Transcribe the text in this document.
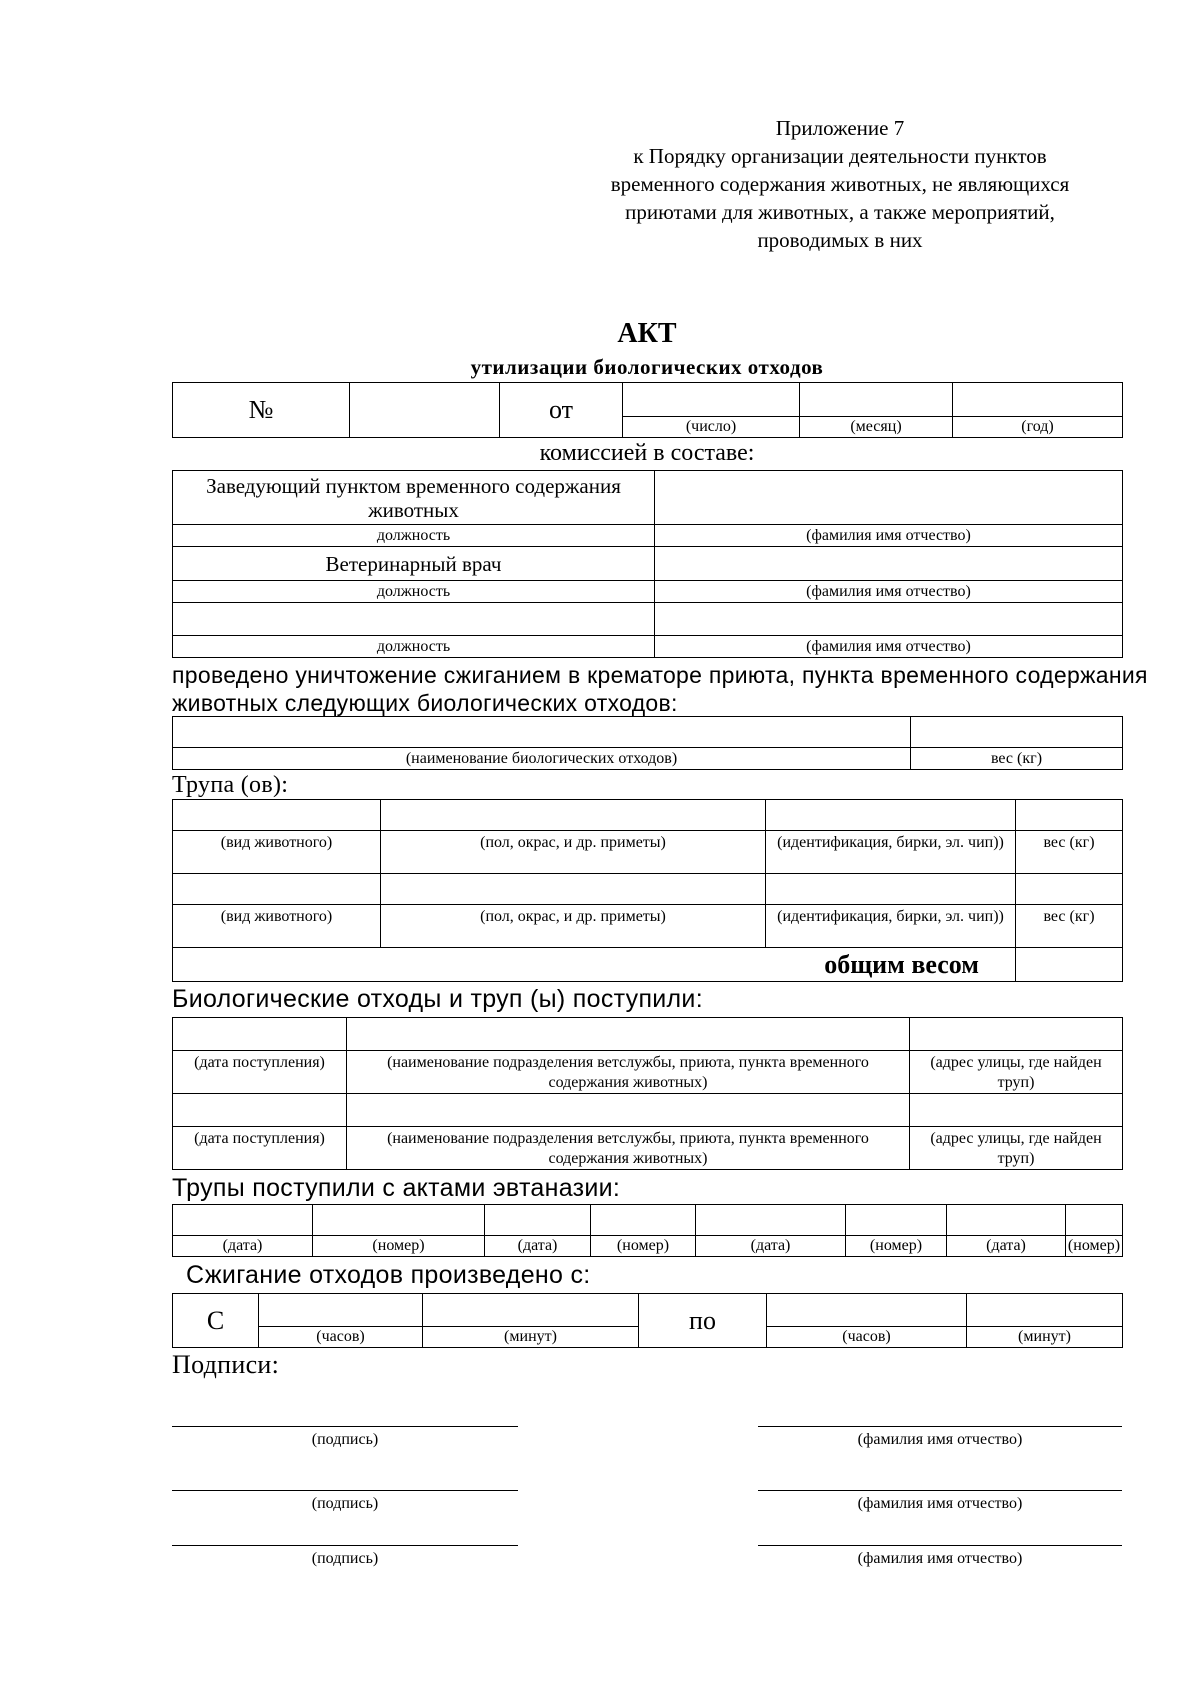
Приложение 7
к Порядку организации деятельности пунктов
временного содержания животных, не являющихся
приютами для животных, а также мероприятий,
проводимых в них
АКТ
утилизации биологических отходов
№		от			
			(число)	(месяц)	(год)
комиссией в составе:
Заведующий пунктом временного содержания животных	
должность	(фамилия имя отчество)
Ветеринарный врач	
должность	(фамилия имя отчество)

должность	(фамилия имя отчество)
проведено уничтожение сжиганием в крематоре приюта, пункта временного содержания
животных следующих биологических отходов:

(наименование биологических отходов)	вес (кг)
Трупа (ов):

(вид животного)	(пол, окрас, и др. приметы)	(идентификация, бирки, эл. чип))	вес (кг)

(вид животного)	(пол, окрас, и др. приметы)	(идентификация, бирки, эл. чип))	вес (кг)
общим весом			
Биологические отходы и труп (ы) поступили:

(дата поступления)	(наименование подразделения ветслужбы, приюта, пункта временного содержания животных)	(адрес улицы, где найден труп)

(дата поступления)	(наименование подразделения ветслужбы, приюта, пункта временного содержания животных)	(адрес улицы, где найден труп)
Трупы поступили с актами эвтаназии:

(дата)	(номер)	(дата)	(номер)	(дата)	(номер)	(дата)	(номер)
Сжигание отходов произведено с:
С			по		
	(часов)	(минут)		(часов)	(минут)
Подписи:
(подпись)	(фамилия имя отчество)
(подпись)	(фамилия имя отчество)
(подпись)	(фамилия имя отчество)
